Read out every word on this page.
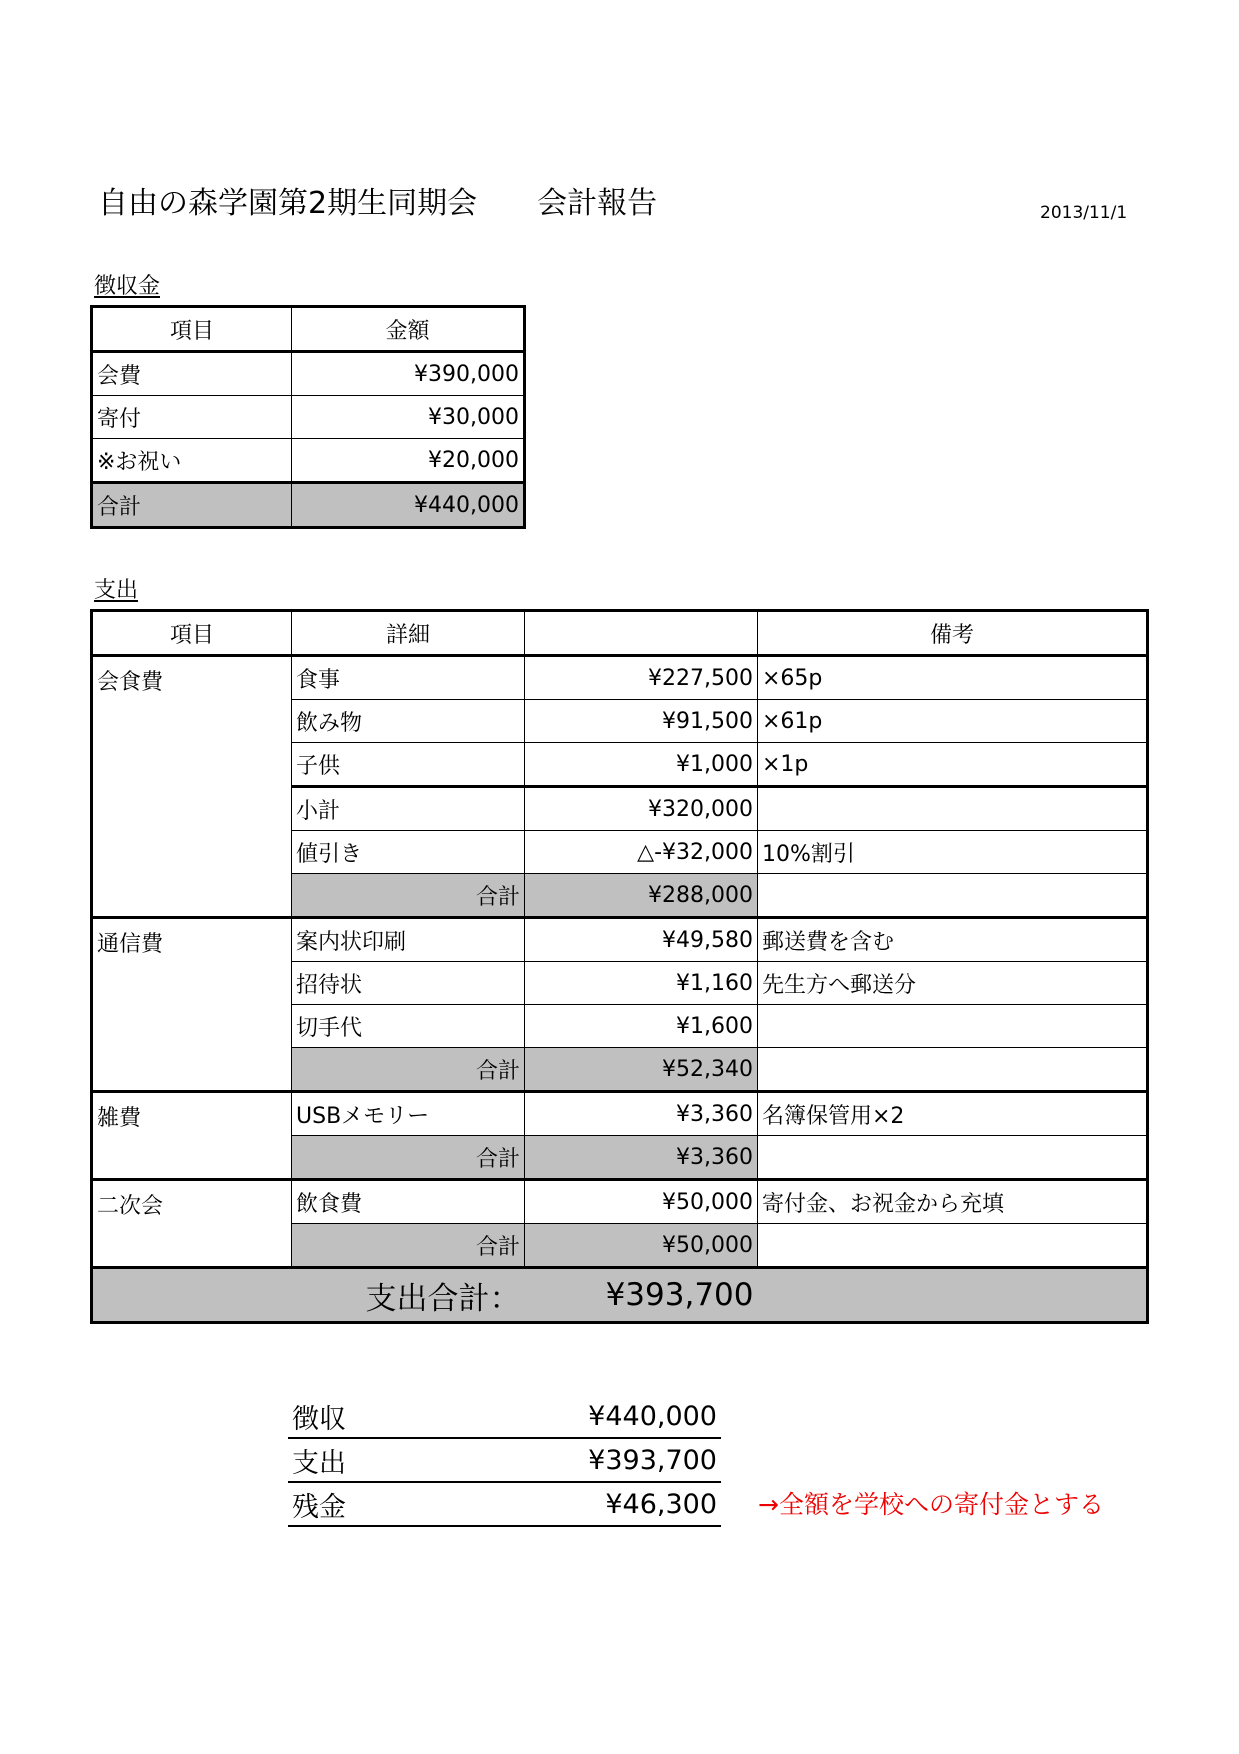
自由の森学園第2期生同期会　　会計報告	2013/11/1
徴収金
項目	金額
会費	¥390,000
寄付	¥30,000
※お祝い	¥20,000
合計	¥440,000
支出
項目	詳細		備考
会食費	食事	¥227,500	×65p
	飲み物	¥91,500	×61p
	子供	¥1,000	×1p
	小計	¥320,000	
	値引き	△-¥32,000	10%割引
	合計	¥288,000	
通信費	案内状印刷	¥49,580	郵送費を含む
	招待状	¥1,160	先生方へ郵送分
	切手代	¥1,600	
	合計	¥52,340	
雑費	USBメモリー	¥3,360	名簿保管用×2
	合計	¥3,360	
二次会	飲食費	¥50,000	寄付金、お祝金から充填
	合計	¥50,000	
	支出合計：	¥393,700	
徴収	¥440,000
支出	¥393,700
残金	¥46,300 →全額を学校への寄付金とする
